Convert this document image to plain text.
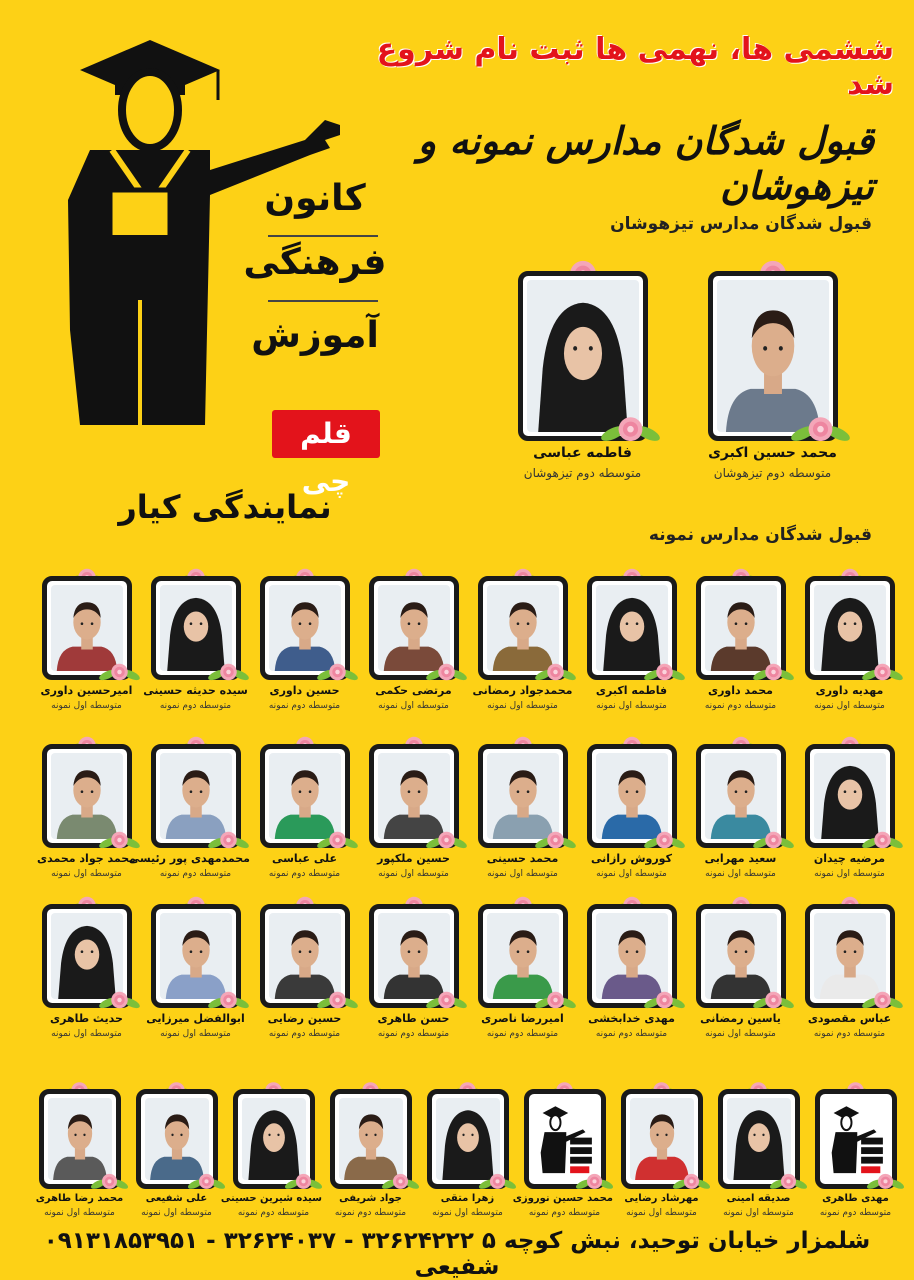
ششمی ها، نهمی ها ثبت نام شروع شد
قبول شدگان مدارس نمونه و تیزهوشان
کانون
فرهنگی
آموزش
قلم چی
نمایندگی کیار
قبول شدگان مدارس تیزهوشان
قبول شدگان مدارس نمونه
محمد حسین اکبری
متوسطه دوم تیزهوشان
فاطمه عباسی
متوسطه دوم تیزهوشان
مهدیه داوری
متوسطه اول نمونه
محمد داوری
متوسطه دوم نمونه
فاطمه اکبری
متوسطه اول نمونه
محمدجواد رمضانی
متوسطه اول نمونه
مرتضی حکمی
متوسطه اول نمونه
حسین داوری
متوسطه دوم نمونه
سیده حدیثه حسینی
متوسطه دوم نمونه
امیرحسین داوری
متوسطه اول نمونه
مرضیه چیدان
متوسطه اول نمونه
سعید مهرابی
متوسطه اول نمونه
کوروش رازانی
متوسطه اول نمونه
محمد حسینی
متوسطه اول نمونه
حسین ملکپور
متوسطه اول نمونه
علی عباسی
متوسطه دوم نمونه
محمدمهدی پور رئیسی
متوسطه دوم نمونه
محمد جواد محمدی
متوسطه اول نمونه
عباس مقصودی
متوسطه دوم نمونه
یاسین رمضانی
متوسطه اول نمونه
مهدی خدابخشی
متوسطه دوم نمونه
امیررضا ناصری
متوسطه دوم نمونه
حسن طاهری
متوسطه دوم نمونه
حسین رضایی
متوسطه دوم نمونه
ابوالفضل میرزایی
متوسطه اول نمونه
حدیث طاهری
متوسطه اول نمونه
مهدی طاهری
متوسطه دوم نمونه
صدیقه امینی
متوسطه اول نمونه
مهرشاد رضایی
متوسطه اول نمونه
محمد حسین نوروزی
متوسطه دوم نمونه
زهرا متقی
متوسطه اول نمونه
جواد شریفی
متوسطه دوم نمونه
سیده شیرین حسینی
متوسطه دوم نمونه
علی شفیعی
متوسطه اول نمونه
محمد رضا طاهری
متوسطه اول نمونه
شلمزار خیابان توحید، نبش کوچه ۵ ۳۲۶۲۴۲۲۲ - ۳۲۶۲۴۰۳۷ - ۰۹۱۳۱۸۵۳۹۵۱ شفیعی
